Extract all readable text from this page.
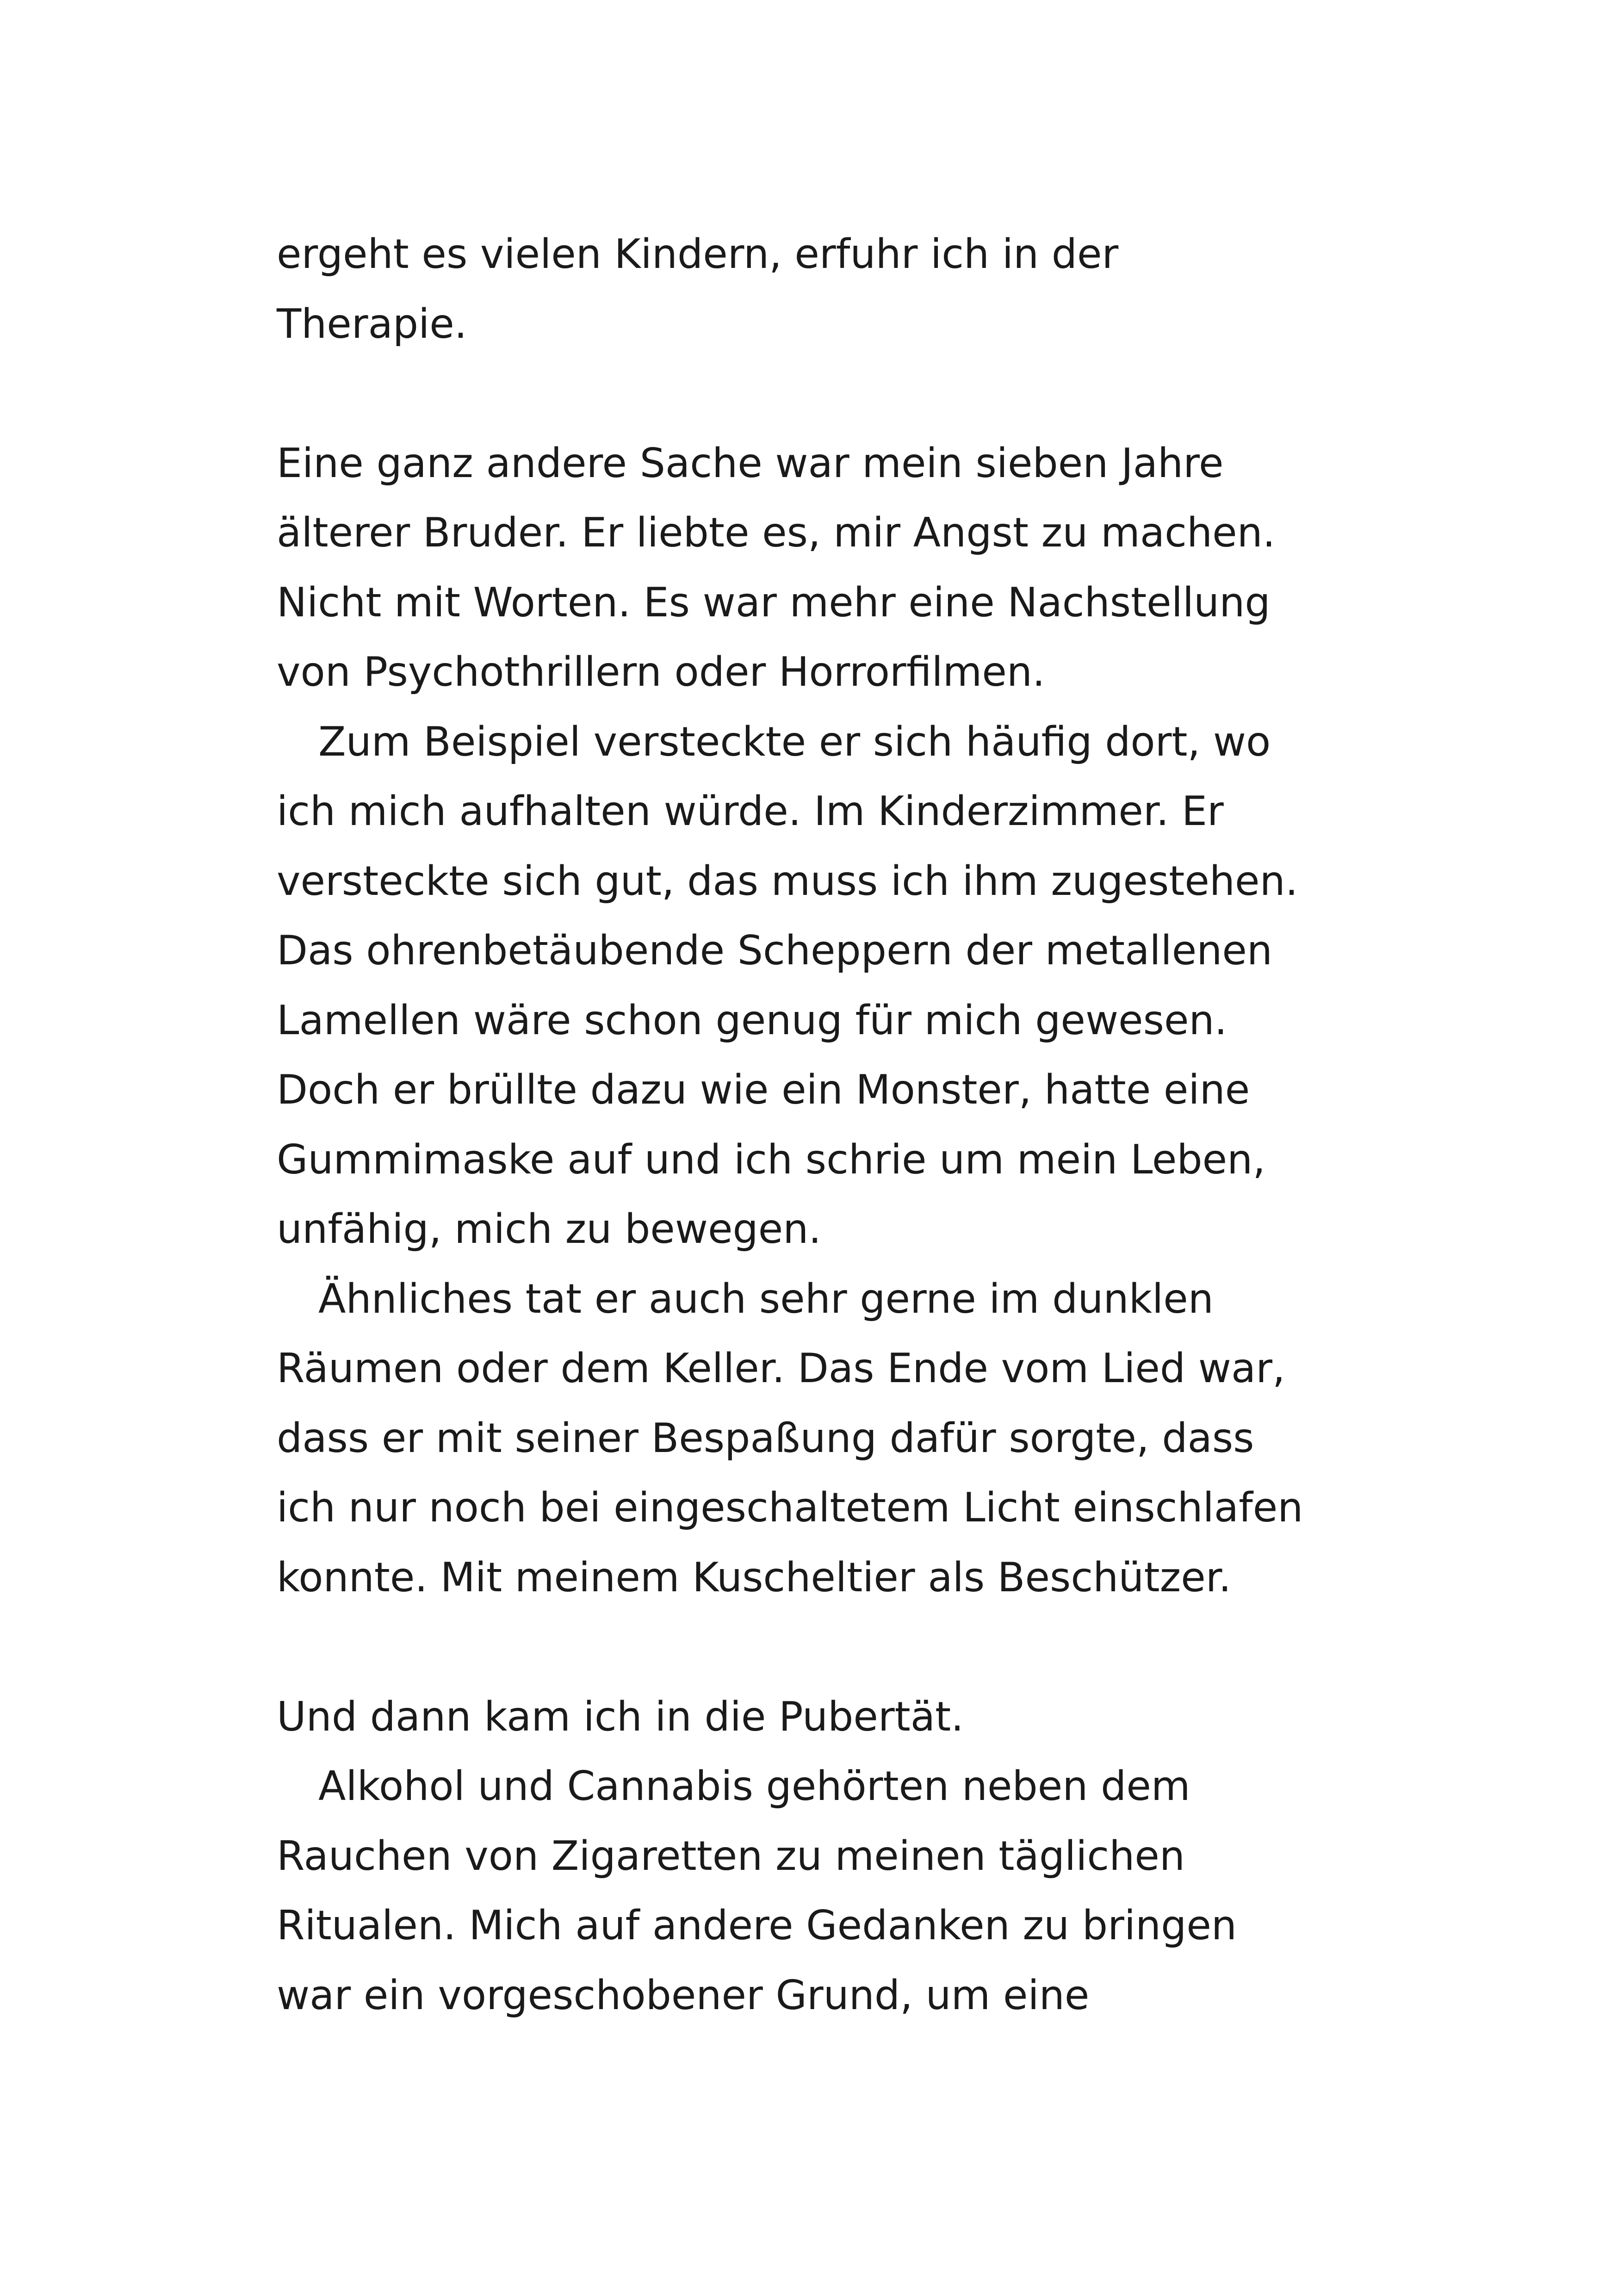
ergeht es vielen Kindern, erfuhr ich in der
Therapie.
Eine ganz andere Sache war mein sieben Jahre
älterer Bruder. Er liebte es, mir Angst zu machen.
Nicht mit Worten. Es war mehr eine Nachstellung
von Psychothrillern oder Horrorfilmen.
Zum Beispiel versteckte er sich häufig dort, wo
ich mich aufhalten würde. Im Kinderzimmer. Er
versteckte sich gut, das muss ich ihm zugestehen.
Das ohrenbetäubende Scheppern der metallenen
Lamellen wäre schon genug für mich gewesen.
Doch er brüllte dazu wie ein Monster, hatte eine
Gummimaske auf und ich schrie um mein Leben,
unfähig, mich zu bewegen.
Ähnliches tat er auch sehr gerne im dunklen
Räumen oder dem Keller. Das Ende vom Lied war,
dass er mit seiner Bespaßung dafür sorgte, dass
ich nur noch bei eingeschaltetem Licht einschlafen
konnte. Mit meinem Kuscheltier als Beschützer.
Und dann kam ich in die Pubertät.
Alkohol und Cannabis gehörten neben dem
Rauchen von Zigaretten zu meinen täglichen
Ritualen. Mich auf andere Gedanken zu bringen
war ein vorgeschobener Grund, um eine
